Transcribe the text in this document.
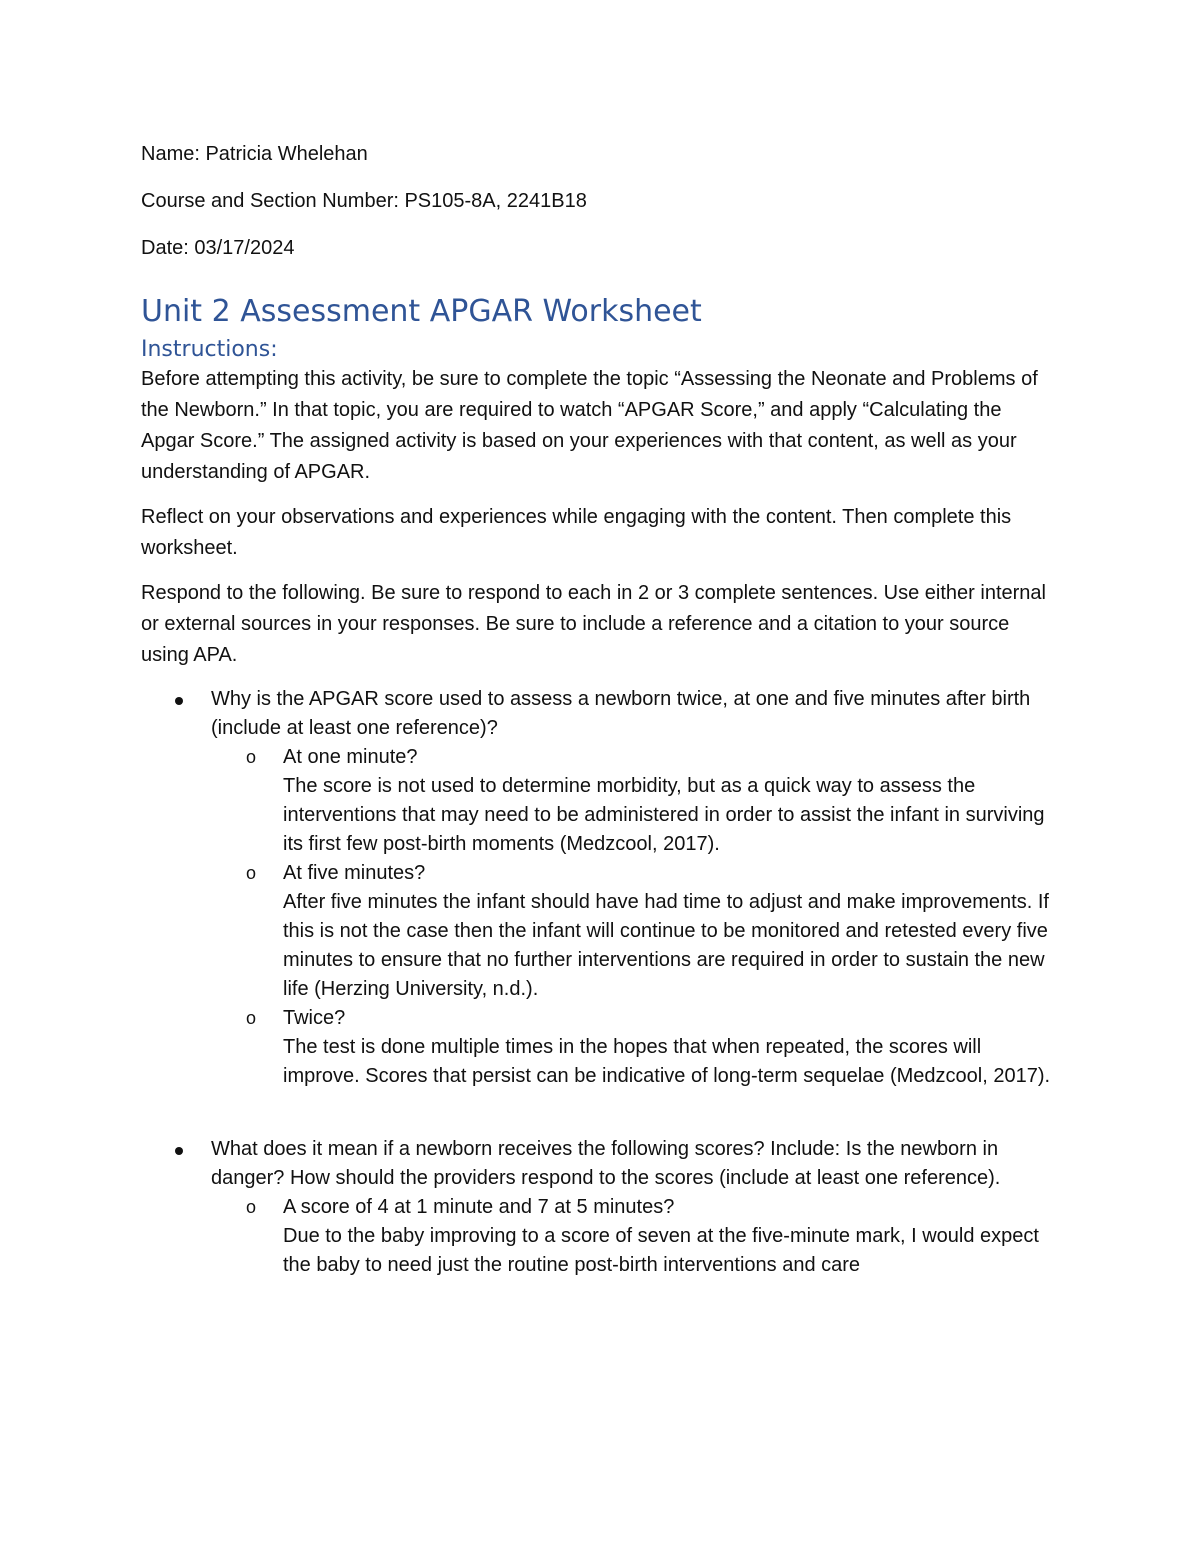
Name: Patricia Whelehan

Course and Section Number: PS105-8A, 2241B18

Date: 03/17/2024

Unit 2 Assessment APGAR Worksheet
Instructions:

Before attempting this activity, be sure to complete the topic “Assessing the Neonate and Problems of the Newborn.” In that topic, you are required to watch “APGAR Score,” and apply “Calculating the Apgar Score.” The assigned activity is based on your experiences with that content, as well as your understanding of APGAR.

Reflect on your observations and experiences while engaging with the content. Then complete this worksheet.

Respond to the following. Be sure to respond to each in 2 or 3 complete sentences. Use either internal or external sources in your responses. Be sure to include a reference and a citation to your source using APA.

Why is the APGAR score used to assess a newborn twice, at one and five minutes after birth (include at least one reference)?
o At one minute?
The score is not used to determine morbidity, but as a quick way to assess the interventions that may need to be administered in order to assist the infant in surviving its first few post-birth moments (Medzcool, 2017).
o At five minutes?
After five minutes the infant should have had time to adjust and make improvements. If this is not the case then the infant will continue to be monitored and retested every five minutes to ensure that no further interventions are required in order to sustain the new life (Herzing University, n.d.).
o Twice?
The test is done multiple times in the hopes that when repeated, the scores will improve. Scores that persist can be indicative of long-term sequelae (Medzcool, 2017).
What does it mean if a newborn receives the following scores? Include: Is the newborn in danger? How should the providers respond to the scores (include at least one reference).
o A score of 4 at 1 minute and 7 at 5 minutes?
Due to the baby improving to a score of seven at the five-minute mark, I would expect the baby to need just the routine post-birth interventions and care
